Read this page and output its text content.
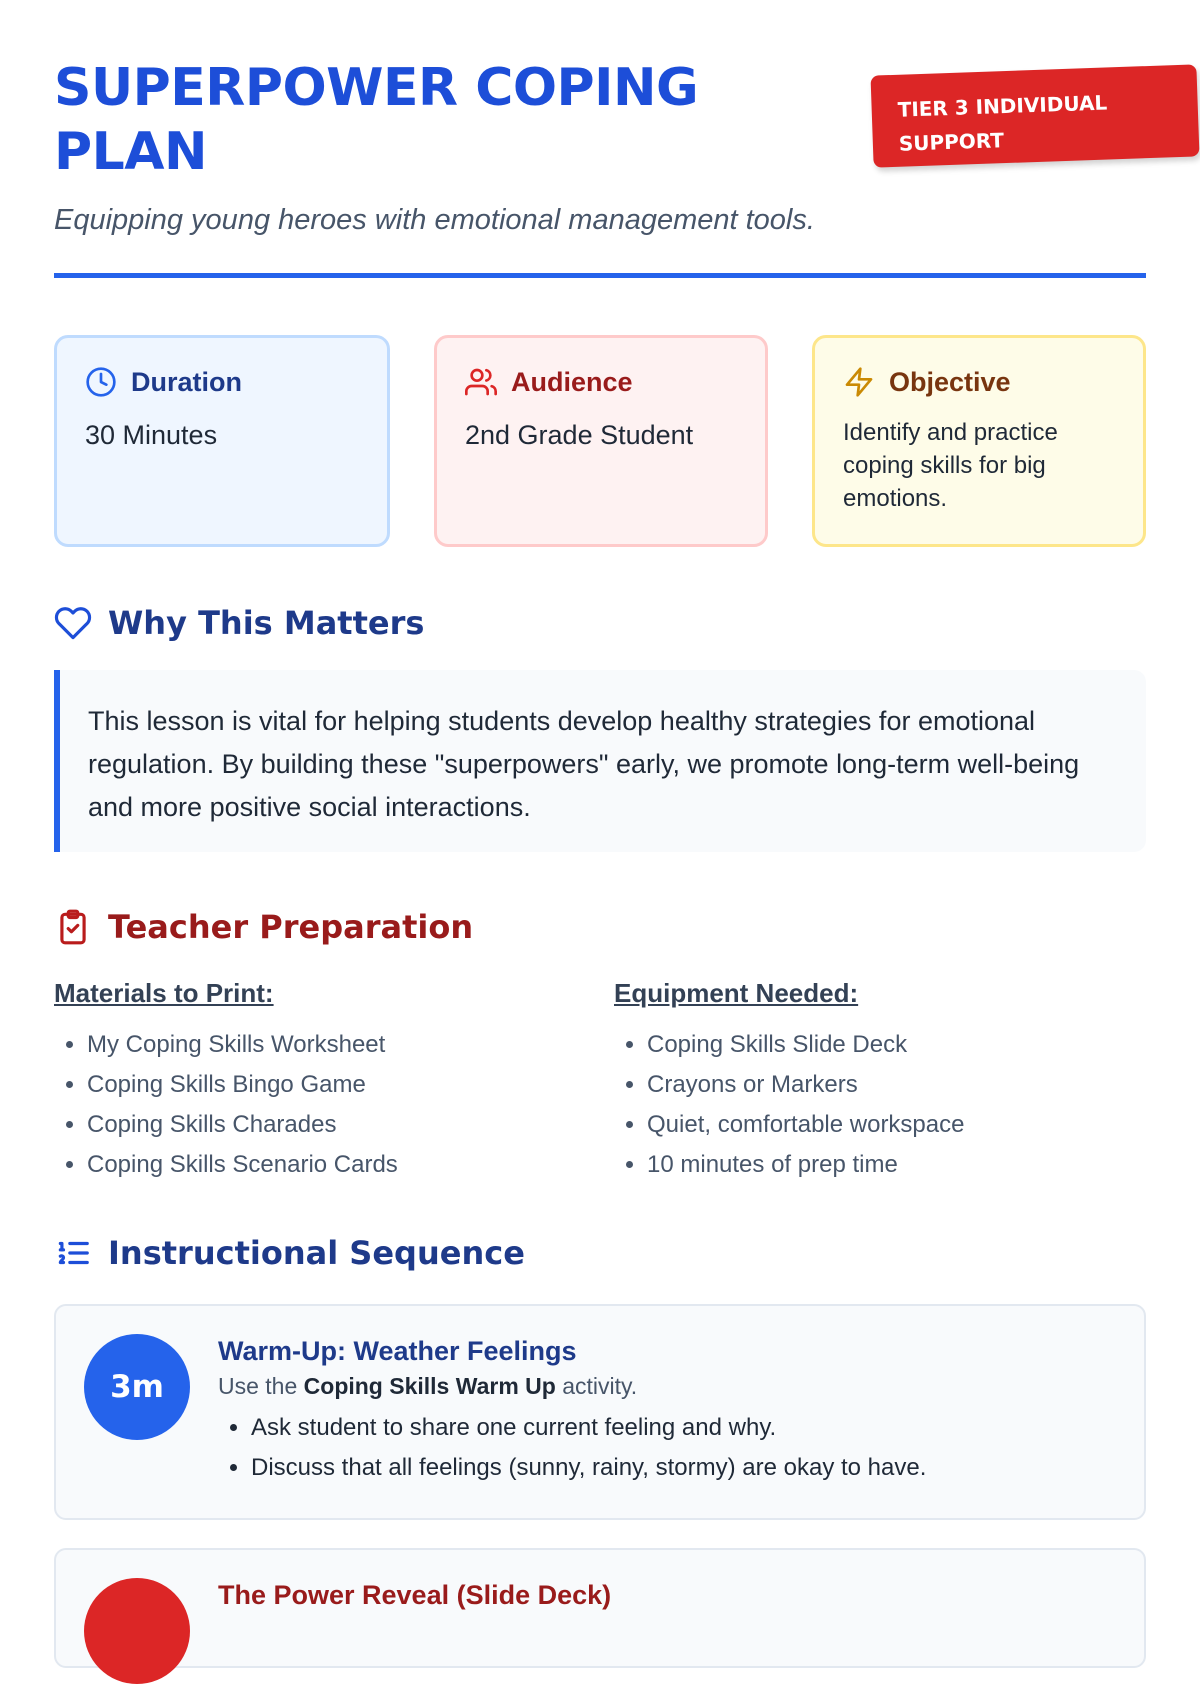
SUPERPOWER COPING PLAN
TIER 3 INDIVIDUAL SUPPORT

Equipping young heroes with emotional management tools.

Duration
30 Minutes
Audience
2nd Grade Student
Objective
Identify and practice coping skills for big emotions.
Why This Matters
This lesson is vital for helping students develop healthy strategies for emotional regulation. By building these "superpowers" early, we promote long-term well-being and more positive social interactions.
Teacher Preparation

Materials to Print:

• My Coping Skills Worksheet
• Coping Skills Bingo Game
• Coping Skills Charades
• Coping Skills Scenario Cards

Equipment Needed:

• Coping Skills Slide Deck
• Crayons or Markers
• Quiet, comfortable workspace
• 10 minutes of prep time
Instructional Sequence
3m

Warm-Up: Weather Feelings

Use the Coping Skills Warm Up activity.

• Ask student to share one current feeling and why.
• Discuss that all feelings (sunny, rainy, stormy) are okay to have.

The Power Reveal (Slide Deck)
